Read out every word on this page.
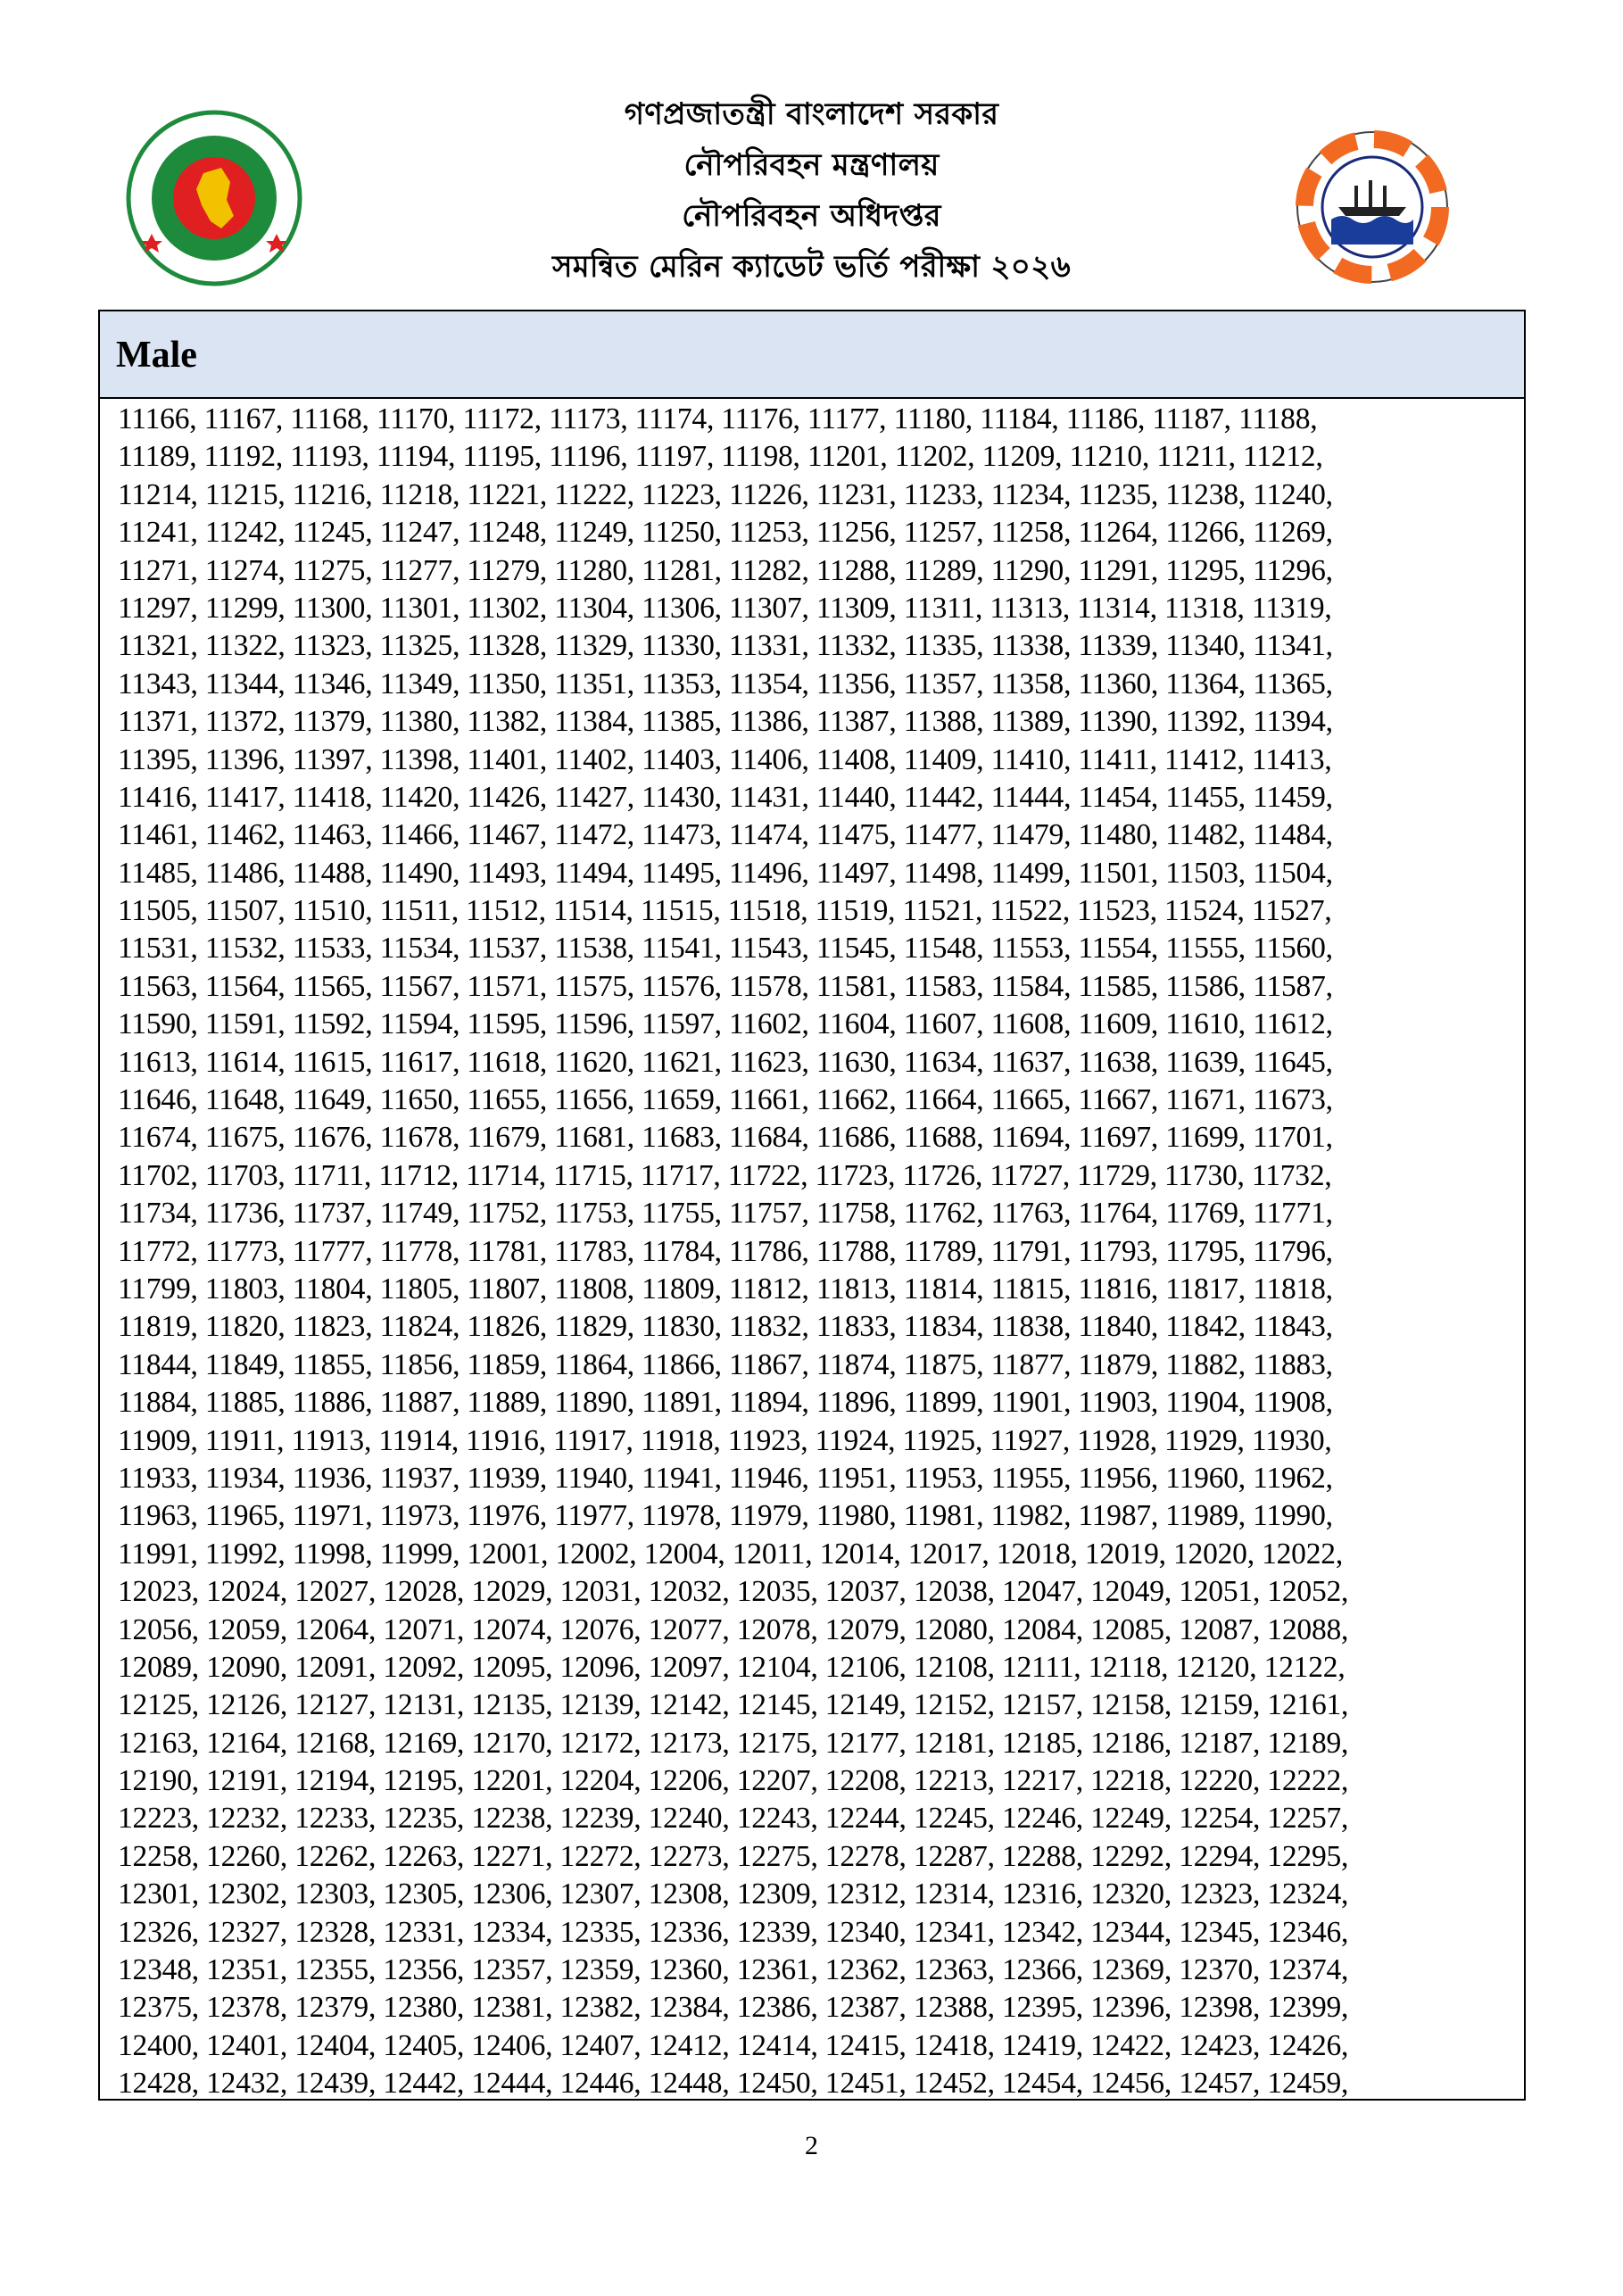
গণপ্রজাতন্ত্রী বাংলাদেশ সরকার
নৌপরিবহন মন্ত্রণালয়
নৌপরিবহন অধিদপ্তর
সমন্বিত মেরিন ক্যাডেট ভর্তি পরীক্ষা ২০২৬
Male
11166, 11167, 11168, 11170, 11172, 11173, 11174, 11176, 11177, 11180, 11184, 11186, 11187, 11188,
11189, 11192, 11193, 11194, 11195, 11196, 11197, 11198, 11201, 11202, 11209, 11210, 11211, 11212,
11214, 11215, 11216, 11218, 11221, 11222, 11223, 11226, 11231, 11233, 11234, 11235, 11238, 11240,
11241, 11242, 11245, 11247, 11248, 11249, 11250, 11253, 11256, 11257, 11258, 11264, 11266, 11269,
11271, 11274, 11275, 11277, 11279, 11280, 11281, 11282, 11288, 11289, 11290, 11291, 11295, 11296,
11297, 11299, 11300, 11301, 11302, 11304, 11306, 11307, 11309, 11311, 11313, 11314, 11318, 11319,
11321, 11322, 11323, 11325, 11328, 11329, 11330, 11331, 11332, 11335, 11338, 11339, 11340, 11341,
11343, 11344, 11346, 11349, 11350, 11351, 11353, 11354, 11356, 11357, 11358, 11360, 11364, 11365,
11371, 11372, 11379, 11380, 11382, 11384, 11385, 11386, 11387, 11388, 11389, 11390, 11392, 11394,
11395, 11396, 11397, 11398, 11401, 11402, 11403, 11406, 11408, 11409, 11410, 11411, 11412, 11413,
11416, 11417, 11418, 11420, 11426, 11427, 11430, 11431, 11440, 11442, 11444, 11454, 11455, 11459,
11461, 11462, 11463, 11466, 11467, 11472, 11473, 11474, 11475, 11477, 11479, 11480, 11482, 11484,
11485, 11486, 11488, 11490, 11493, 11494, 11495, 11496, 11497, 11498, 11499, 11501, 11503, 11504,
11505, 11507, 11510, 11511, 11512, 11514, 11515, 11518, 11519, 11521, 11522, 11523, 11524, 11527,
11531, 11532, 11533, 11534, 11537, 11538, 11541, 11543, 11545, 11548, 11553, 11554, 11555, 11560,
11563, 11564, 11565, 11567, 11571, 11575, 11576, 11578, 11581, 11583, 11584, 11585, 11586, 11587,
11590, 11591, 11592, 11594, 11595, 11596, 11597, 11602, 11604, 11607, 11608, 11609, 11610, 11612,
11613, 11614, 11615, 11617, 11618, 11620, 11621, 11623, 11630, 11634, 11637, 11638, 11639, 11645,
11646, 11648, 11649, 11650, 11655, 11656, 11659, 11661, 11662, 11664, 11665, 11667, 11671, 11673,
11674, 11675, 11676, 11678, 11679, 11681, 11683, 11684, 11686, 11688, 11694, 11697, 11699, 11701,
11702, 11703, 11711, 11712, 11714, 11715, 11717, 11722, 11723, 11726, 11727, 11729, 11730, 11732,
11734, 11736, 11737, 11749, 11752, 11753, 11755, 11757, 11758, 11762, 11763, 11764, 11769, 11771,
11772, 11773, 11777, 11778, 11781, 11783, 11784, 11786, 11788, 11789, 11791, 11793, 11795, 11796,
11799, 11803, 11804, 11805, 11807, 11808, 11809, 11812, 11813, 11814, 11815, 11816, 11817, 11818,
11819, 11820, 11823, 11824, 11826, 11829, 11830, 11832, 11833, 11834, 11838, 11840, 11842, 11843,
11844, 11849, 11855, 11856, 11859, 11864, 11866, 11867, 11874, 11875, 11877, 11879, 11882, 11883,
11884, 11885, 11886, 11887, 11889, 11890, 11891, 11894, 11896, 11899, 11901, 11903, 11904, 11908,
11909, 11911, 11913, 11914, 11916, 11917, 11918, 11923, 11924, 11925, 11927, 11928, 11929, 11930,
11933, 11934, 11936, 11937, 11939, 11940, 11941, 11946, 11951, 11953, 11955, 11956, 11960, 11962,
11963, 11965, 11971, 11973, 11976, 11977, 11978, 11979, 11980, 11981, 11982, 11987, 11989, 11990,
11991, 11992, 11998, 11999, 12001, 12002, 12004, 12011, 12014, 12017, 12018, 12019, 12020, 12022,
12023, 12024, 12027, 12028, 12029, 12031, 12032, 12035, 12037, 12038, 12047, 12049, 12051, 12052,
12056, 12059, 12064, 12071, 12074, 12076, 12077, 12078, 12079, 12080, 12084, 12085, 12087, 12088,
12089, 12090, 12091, 12092, 12095, 12096, 12097, 12104, 12106, 12108, 12111, 12118, 12120, 12122,
12125, 12126, 12127, 12131, 12135, 12139, 12142, 12145, 12149, 12152, 12157, 12158, 12159, 12161,
12163, 12164, 12168, 12169, 12170, 12172, 12173, 12175, 12177, 12181, 12185, 12186, 12187, 12189,
12190, 12191, 12194, 12195, 12201, 12204, 12206, 12207, 12208, 12213, 12217, 12218, 12220, 12222,
12223, 12232, 12233, 12235, 12238, 12239, 12240, 12243, 12244, 12245, 12246, 12249, 12254, 12257,
12258, 12260, 12262, 12263, 12271, 12272, 12273, 12275, 12278, 12287, 12288, 12292, 12294, 12295,
12301, 12302, 12303, 12305, 12306, 12307, 12308, 12309, 12312, 12314, 12316, 12320, 12323, 12324,
12326, 12327, 12328, 12331, 12334, 12335, 12336, 12339, 12340, 12341, 12342, 12344, 12345, 12346,
12348, 12351, 12355, 12356, 12357, 12359, 12360, 12361, 12362, 12363, 12366, 12369, 12370, 12374,
12375, 12378, 12379, 12380, 12381, 12382, 12384, 12386, 12387, 12388, 12395, 12396, 12398, 12399,
12400, 12401, 12404, 12405, 12406, 12407, 12412, 12414, 12415, 12418, 12419, 12422, 12423, 12426,
12428, 12432, 12439, 12442, 12444, 12446, 12448, 12450, 12451, 12452, 12454, 12456, 12457, 12459,
2
